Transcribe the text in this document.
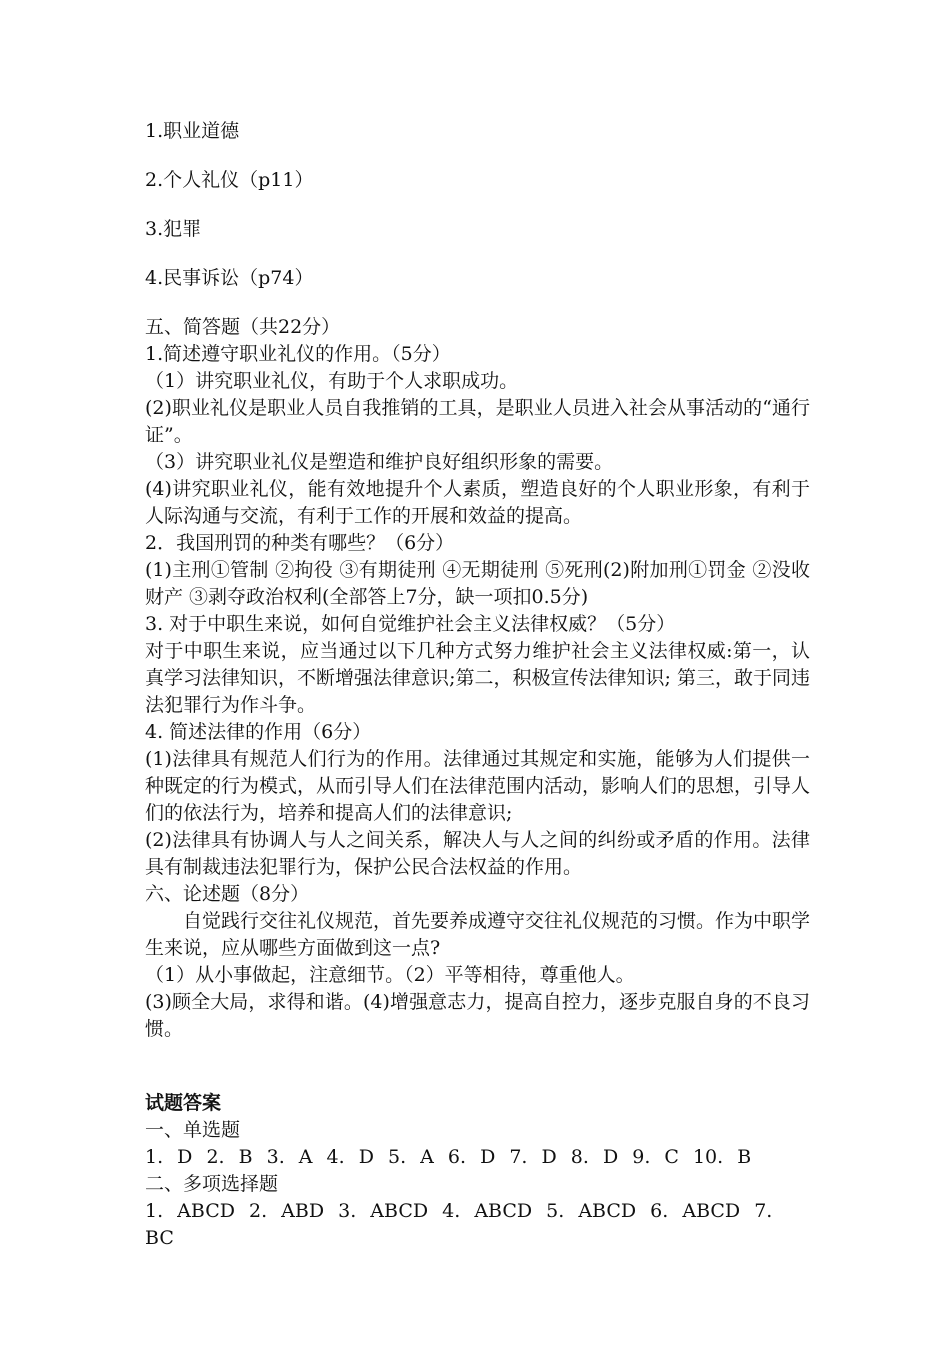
1.职业道德
2.个人礼仪（p11）
3.犯罪
4.民事诉讼（p74）
五、简答题（共22分）
1.简述遵守职业礼仪的作用。（5分）
（1）讲究职业礼仪，有助于个人求职成功。
(2)职业礼仪是职业人员自我推销的工具，是职业人员进入社会从事活动的“通行证”。
（3）讲究职业礼仪是塑造和维护良好组织形象的需要。
(4)讲究职业礼仪，能有效地提升个人素质，塑造良好的个人职业形象，有利于人际沟通与交流，有利于工作的开展和效益的提高。
2．我国刑罚的种类有哪些？（6分）
(1)主刑①管制 ②拘役 ③有期徒刑 ④无期徒刑 ⑤死刑(2)附加刑①罚金 ②没收财产 ③剥夺政治权利(全部答上7分，缺一项扣0.5分)
3. 对于中职生来说，如何自觉维护社会主义法律权威？（5分）
对于中职生来说，应当通过以下几种方式努力维护社会主义法律权威:第一，认真学习法律知识，不断增强法律意识;第二，积极宣传法律知识; 第三，敢于同违法犯罪行为作斗争。
4. 简述法律的作用（6分）
(1)法律具有规范人们行为的作用。法律通过其规定和实施，能够为人们提供一种既定的行为模式，从而引导人们在法律范围内活动，影响人们的思想，引导人们的依法行为，培养和提高人们的法律意识;
(2)法律具有协调人与人之间关系，解决人与人之间的纠纷或矛盾的作用。法律具有制裁违法犯罪行为，保护公民合法权益的作用。
六、论述题（8分）
自觉践行交往礼仪规范，首先要养成遵守交往礼仪规范的习惯。作为中职学生来说，应从哪些方面做到这一点?
（1）从小事做起，注意细节。（2）平等相待，尊重他人。
(3)顾全大局，求得和谐。(4)增强意志力，提高自控力，逐步克服自身的不良习惯。
试题答案
一、单选题
1. D 2. B 3. A 4. D 5. A 6. D 7. D 8. D 9. C 10. B
二、多项选择题
1. ABCD 2. ABD 3. ABCD 4. ABCD 5. ABCD 6. ABCD 7. BC
